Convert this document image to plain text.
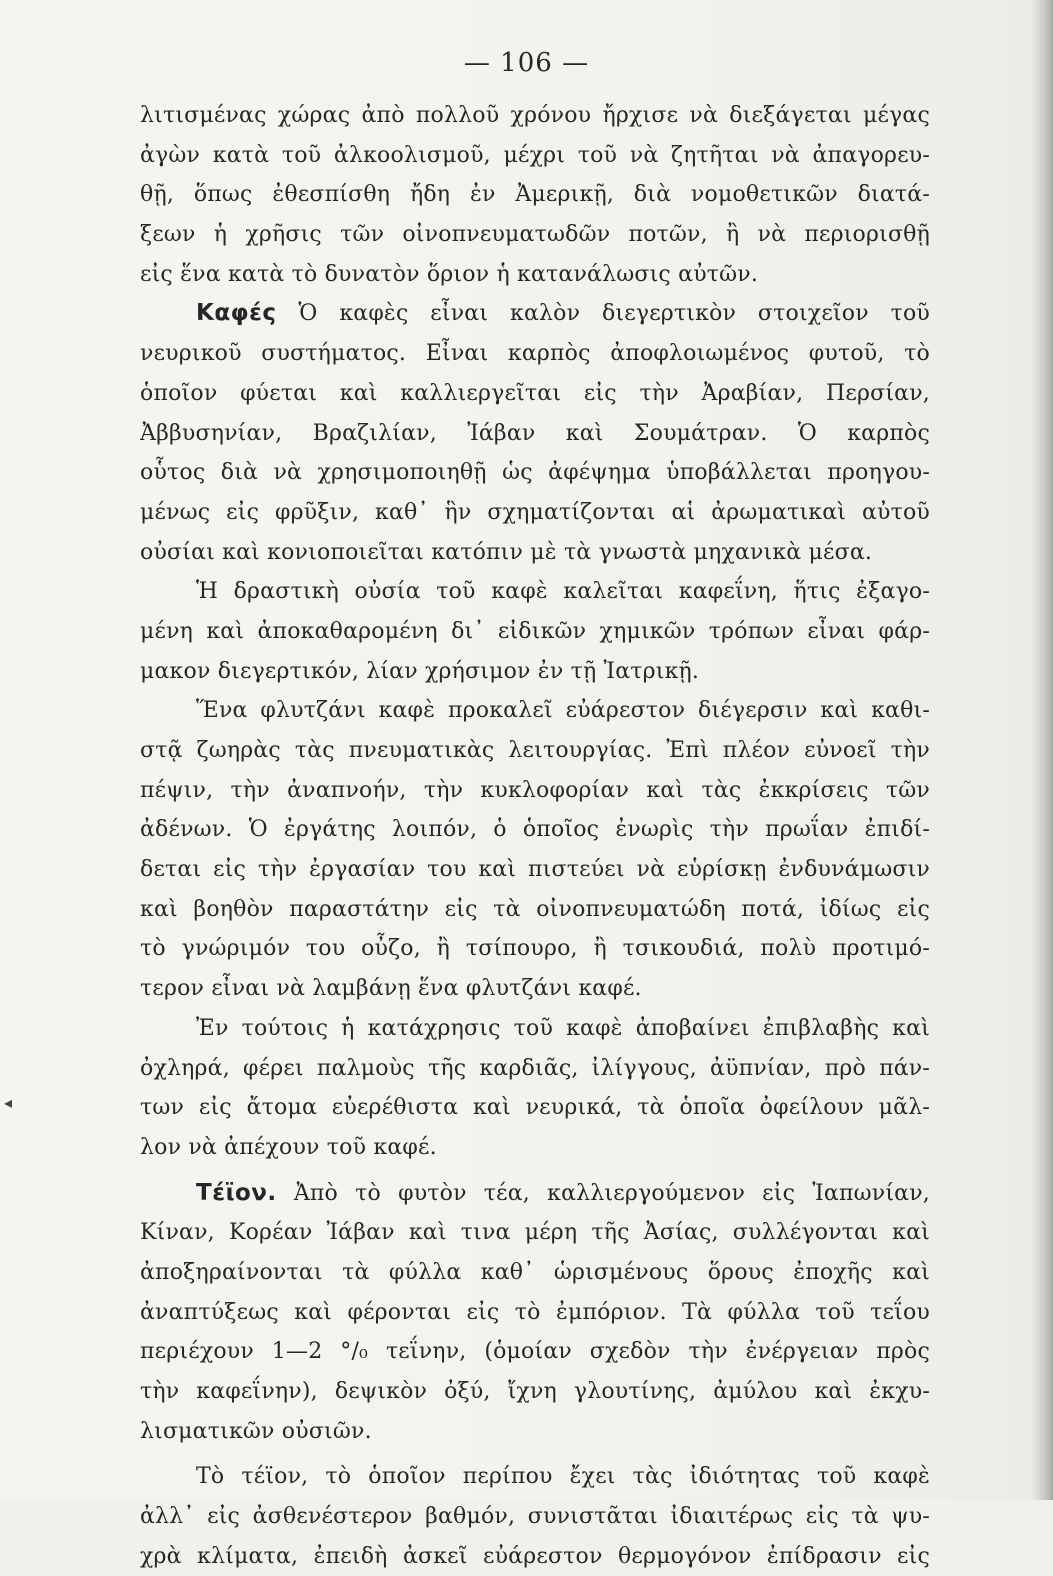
— 106 —
◂
λιτισμένας χώρας ἀπὸ πολλοῦ χρόνου ἤρχισε νὰ διεξάγεται μέγας
ἀγὼν κατὰ τοῦ ἀλκοολισμοῦ, μέχρι τοῦ νὰ ζητῆται νὰ ἀπαγορευ-
θῇ, ὅπως ἐθεσπίσθη ἤδη ἐν Ἀμερικῇ, διὰ νομοθετικῶν διατά-
ξεων ἡ χρῆσις τῶν οἰνοπνευματωδῶν ποτῶν, ἢ νὰ περιορισθῇ
εἰς ἕνα κατὰ τὸ δυνατὸν ὅριον ἡ κατανάλωσις αὐτῶν.
Καφές Ὁ καφὲς εἶναι καλὸν διεγερτικὸν στοιχεῖον τοῦ
νευρικοῦ συστήματος. Εἶναι καρπὸς ἀποφλοιωμένος φυτοῦ, τὸ
ὁποῖον φύεται καὶ καλλιεργεῖται εἰς τὴν Ἀραβίαν, Περσίαν,
Ἀββυσηνίαν, Βραζιλίαν, Ἰάβαν καὶ Σουμάτραν. Ὁ καρπὸς
οὗτος διὰ νὰ χρησιμοποιηθῇ ὡς ἀφέψημα ὑποβάλλεται προηγου-
μένως εἰς φρῦξιν, καθ᾽ ἣν σχηματίζονται αἱ ἀρωματικαὶ αὐτοῦ
οὐσίαι καὶ κονιοποιεῖται κατόπιν μὲ τὰ γνωστὰ μηχανικὰ μέσα.
Ἡ δραστικὴ οὐσία τοῦ καφὲ καλεῖται καφεΐνη, ἥτις ἐξαγο-
μένη καὶ ἀποκαθαρομένη δι᾽ εἰδικῶν χημικῶν τρόπων εἶναι φάρ-
μακον διεγερτικόν, λίαν χρήσιμον ἐν τῇ Ἰατρικῇ.
Ἕνα φλυτζάνι καφὲ προκαλεῖ εὐάρεστον διέγερσιν καὶ καθι-
στᾷ ζωηρὰς τὰς πνευματικὰς λειτουργίας. Ἐπὶ πλέον εὐνοεῖ τὴν
πέψιν, τὴν ἀναπνοήν, τὴν κυκλοφορίαν καὶ τὰς ἐκκρίσεις τῶν
ἀδένων. Ὁ ἐργάτης λοιπόν, ὁ ὁποῖος ἐνωρὶς τὴν πρωΐαν ἐπιδί-
δεται εἰς τὴν ἐργασίαν του καὶ πιστεύει νὰ εὑρίσκῃ ἐνδυνάμωσιν
καὶ βοηθὸν παραστάτην εἰς τὰ οἰνοπνευματώδη ποτά, ἰδίως εἰς
τὸ γνώριμόν του οὖζο, ἢ τσίπουρο, ἢ τσικουδιά, πολὺ προτιμό-
τερον εἶναι νὰ λαμβάνῃ ἕνα φλυτζάνι καφέ.
Ἐν τούτοις ἡ κατάχρησις τοῦ καφὲ ἀποβαίνει ἐπιβλαβὴς καὶ
ὀχληρά, φέρει παλμοὺς τῆς καρδιᾶς, ἰλίγγους, ἀϋπνίαν, πρὸ πάν-
των εἰς ἄτομα εὐερέθιστα καὶ νευρικά, τὰ ὁποῖα ὀφείλουν μᾶλ-
λον νὰ ἀπέχουν τοῦ καφέ.
Τέϊον. Ἀπὸ τὸ φυτὸν τέα, καλλιεργούμενον εἰς Ἰαπωνίαν,
Κίναν, Κορέαν Ἰάβαν καὶ τινα μέρη τῆς Ἀσίας, συλλέγονται καὶ
ἀποξηραίνονται τὰ φύλλα καθ᾽ ὡρισμένους ὅρους ἐποχῆς καὶ
ἀναπτύξεως καὶ φέρονται εἰς τὸ ἐμπόριον. Τὰ φύλλα τοῦ τεΐου
περιέχουν 1—2 °/₀ τεΐνην, (ὁμοίαν σχεδὸν τὴν ἐνέργειαν πρὸς
τὴν καφεΐνην), δεψικὸν ὀξύ, ἴχνη γλουτίνης, ἀμύλου καὶ ἐκχυ-
λισματικῶν οὐσιῶν.
Τὸ τέϊον, τὸ ὁποῖον περίπου ἔχει τὰς ἰδιότητας τοῦ καφὲ
ἀλλ᾽ εἰς ἀσθενέστερον βαθμόν, συνιστᾶται ἰδιαιτέρως εἰς τὰ ψυ-
χρὰ κλίματα, ἐπειδὴ ἀσκεῖ εὐάρεστον θερμογόνον ἐπίδρασιν εἰς
